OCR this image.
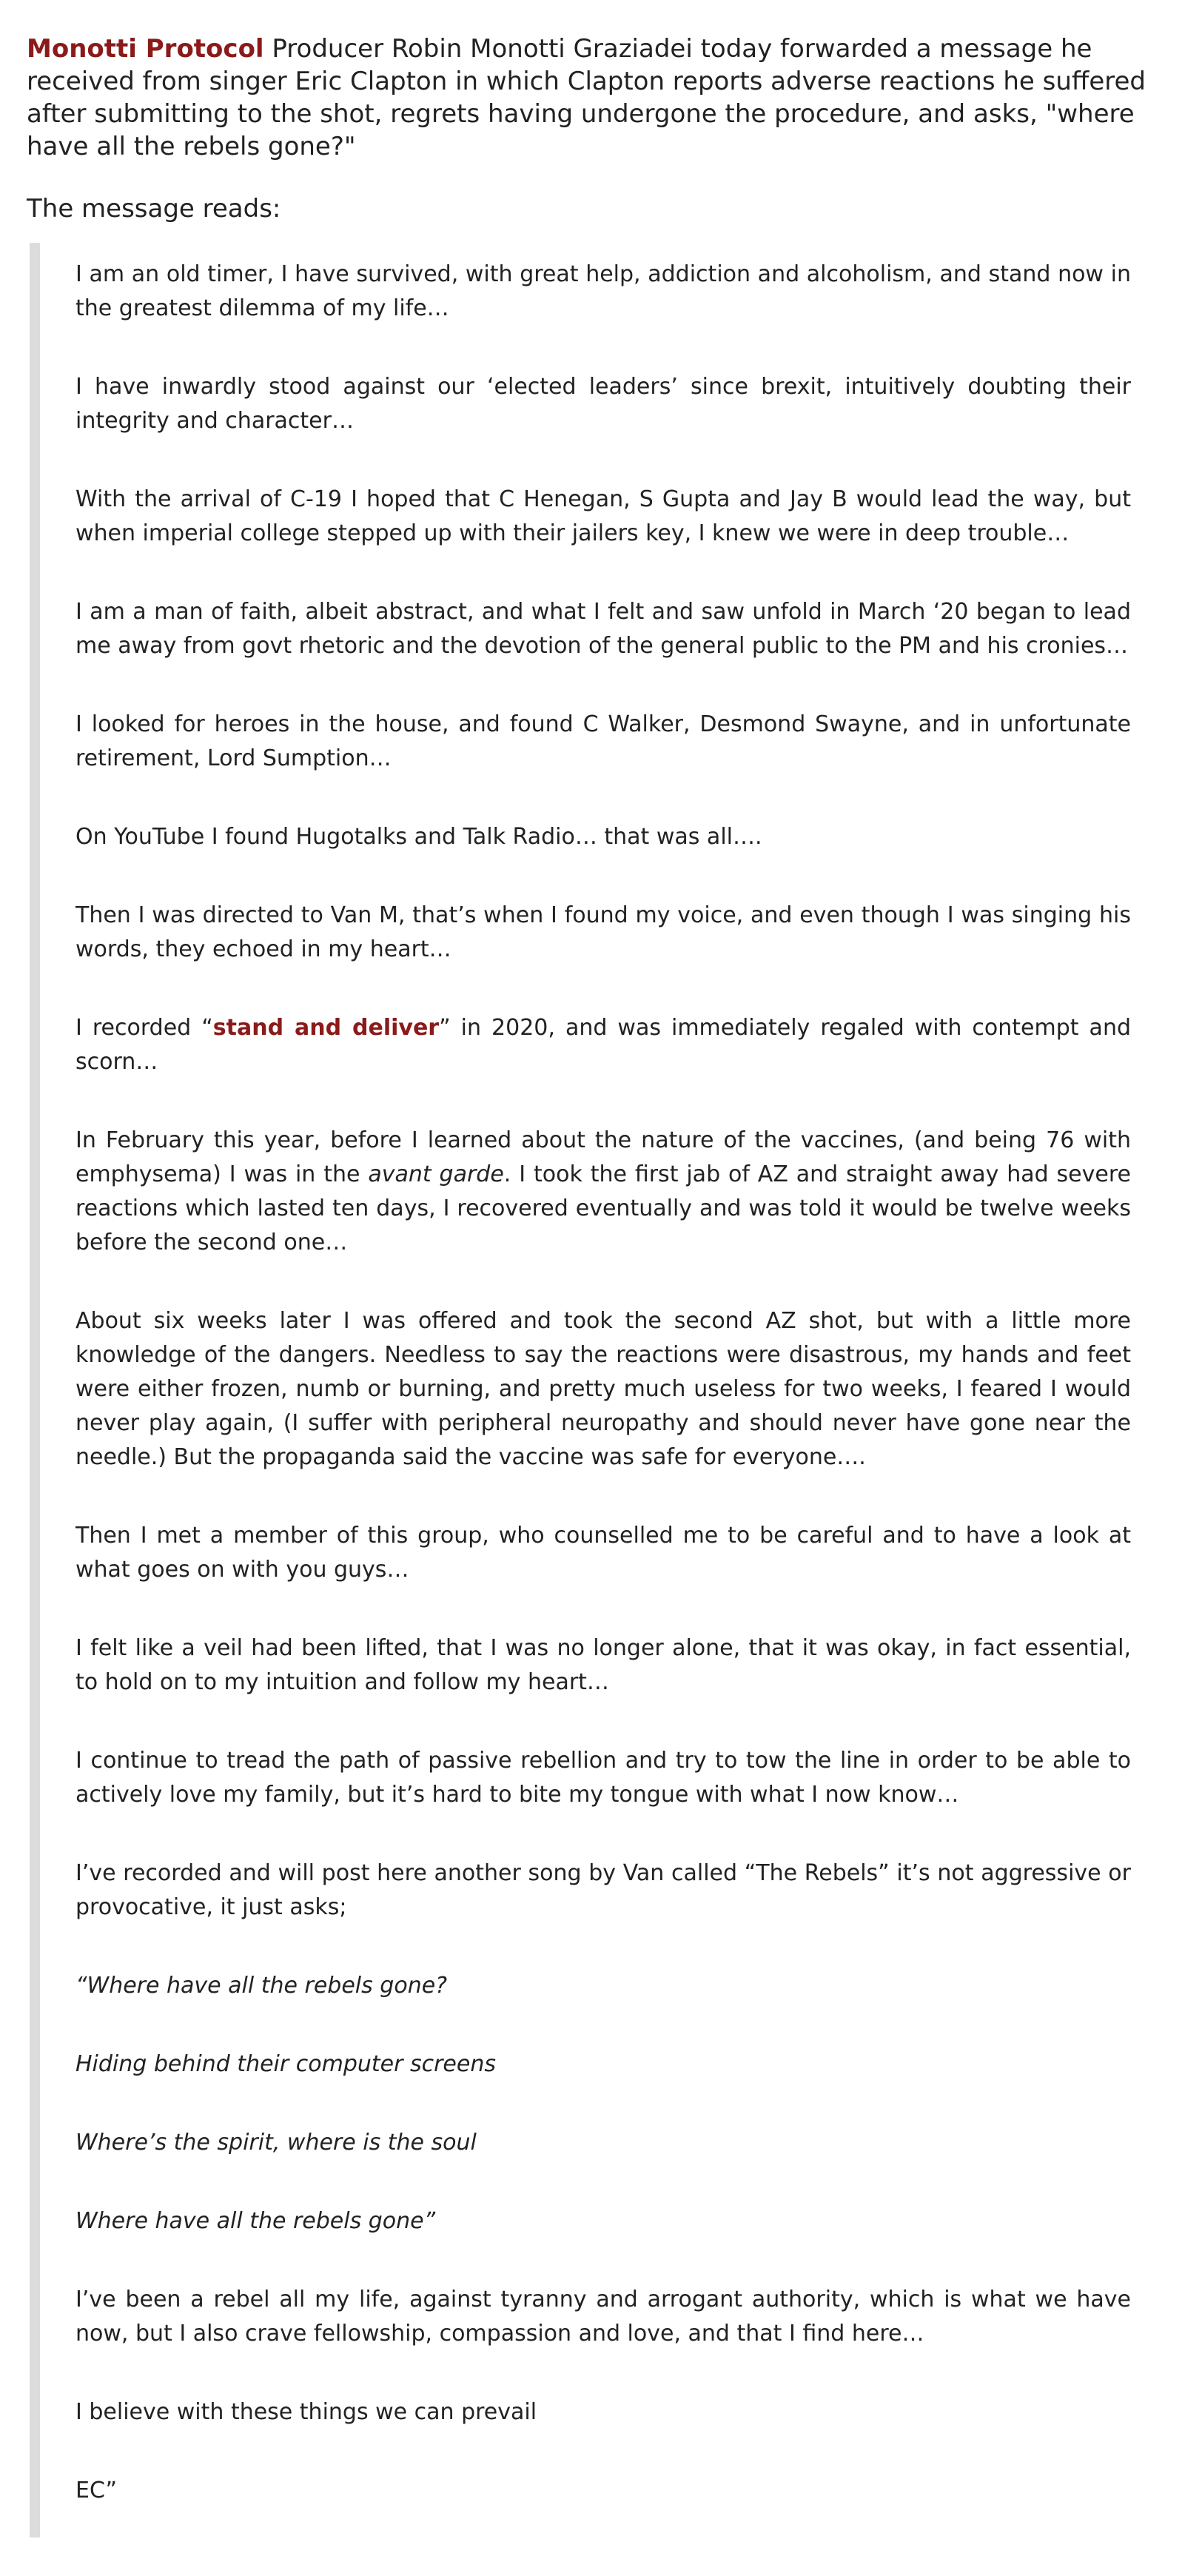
Monotti Protocol Producer Robin Monotti Graziadei today forwarded a message he received from singer Eric Clapton in which Clapton reports adverse reactions he suffered after submitting to the shot, regrets having undergone the procedure, and asks, "where have all the rebels gone?"

The message reads:

I am an old timer, I have survived, with great help, addiction and alcoholism, and stand now in the greatest dilemma of my life…

I have inwardly stood against our ‘elected leaders’ since brexit, intuitively doubting their integrity and character…

With the arrival of C-19 I hoped that C Henegan, S Gupta and Jay B would lead the way, but when imperial college stepped up with their jailers key, I knew we were in deep trouble…

I am a man of faith, albeit abstract, and what I felt and saw unfold in March ‘20 began to lead me away from govt rhetoric and the devotion of the general public to the PM and his cronies…

I looked for heroes in the house, and found C Walker, Desmond Swayne, and in unfortunate retirement, Lord Sumption…

On YouTube I found Hugotalks and Talk Radio… that was all….

Then I was directed to Van M, that’s when I found my voice, and even though I was singing his words, they echoed in my heart…

I recorded “stand and deliver” in 2020, and was immediately regaled with contempt and scorn…

In February this year, before I learned about the nature of the vaccines, (and being 76 with emphysema) I was in the avant garde. I took the first jab of AZ and straight away had severe reactions which lasted ten days, I recovered eventually and was told it would be twelve weeks before the second one…

About six weeks later I was offered and took the second AZ shot, but with a little more knowledge of the dangers. Needless to say the reactions were disastrous, my hands and feet were either frozen, numb or burning, and pretty much useless for two weeks, I feared I would never play again, (I suffer with peripheral neuropathy and should never have gone near the needle.) But the propaganda said the vaccine was safe for everyone….

Then I met a member of this group, who counselled me to be careful and to have a look at what goes on with you guys…

I felt like a veil had been lifted, that I was no longer alone, that it was okay, in fact essential, to hold on to my intuition and follow my heart…

I continue to tread the path of passive rebellion and try to tow the line in order to be able to actively love my family, but it’s hard to bite my tongue with what I now know…

I’ve recorded and will post here another song by Van called “The Rebels” it’s not aggressive or provocative, it just asks;

“Where have all the rebels gone?

Hiding behind their computer screens

Where’s the spirit, where is the soul

Where have all the rebels gone”

I’ve been a rebel all my life, against tyranny and arrogant authority, which is what we have now, but I also crave fellowship, compassion and love, and that I find here…

I believe with these things we can prevail

EC”
